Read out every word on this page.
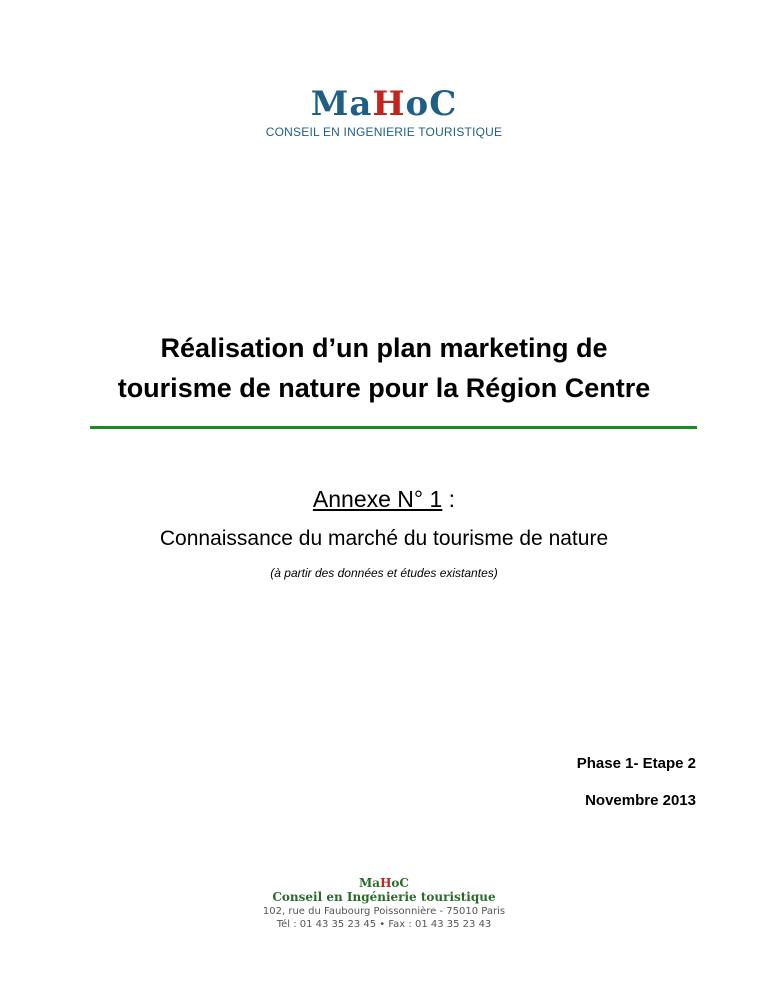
MaHoC
CONSEIL EN INGENIERIE TOURISTIQUE
Réalisation d’un plan marketing de
tourisme de nature pour la Région Centre
Annexe N° 1 :
Connaissance du marché du tourisme de nature
(à partir des données et études existantes)
Phase 1- Etape 2
Novembre 2013
MaHoC
Conseil en Ingénierie touristique
102, rue du Faubourg Poissonnière - 75010 Paris
Tél : 01 43 35 23 45 • Fax : 01 43 35 23 43
